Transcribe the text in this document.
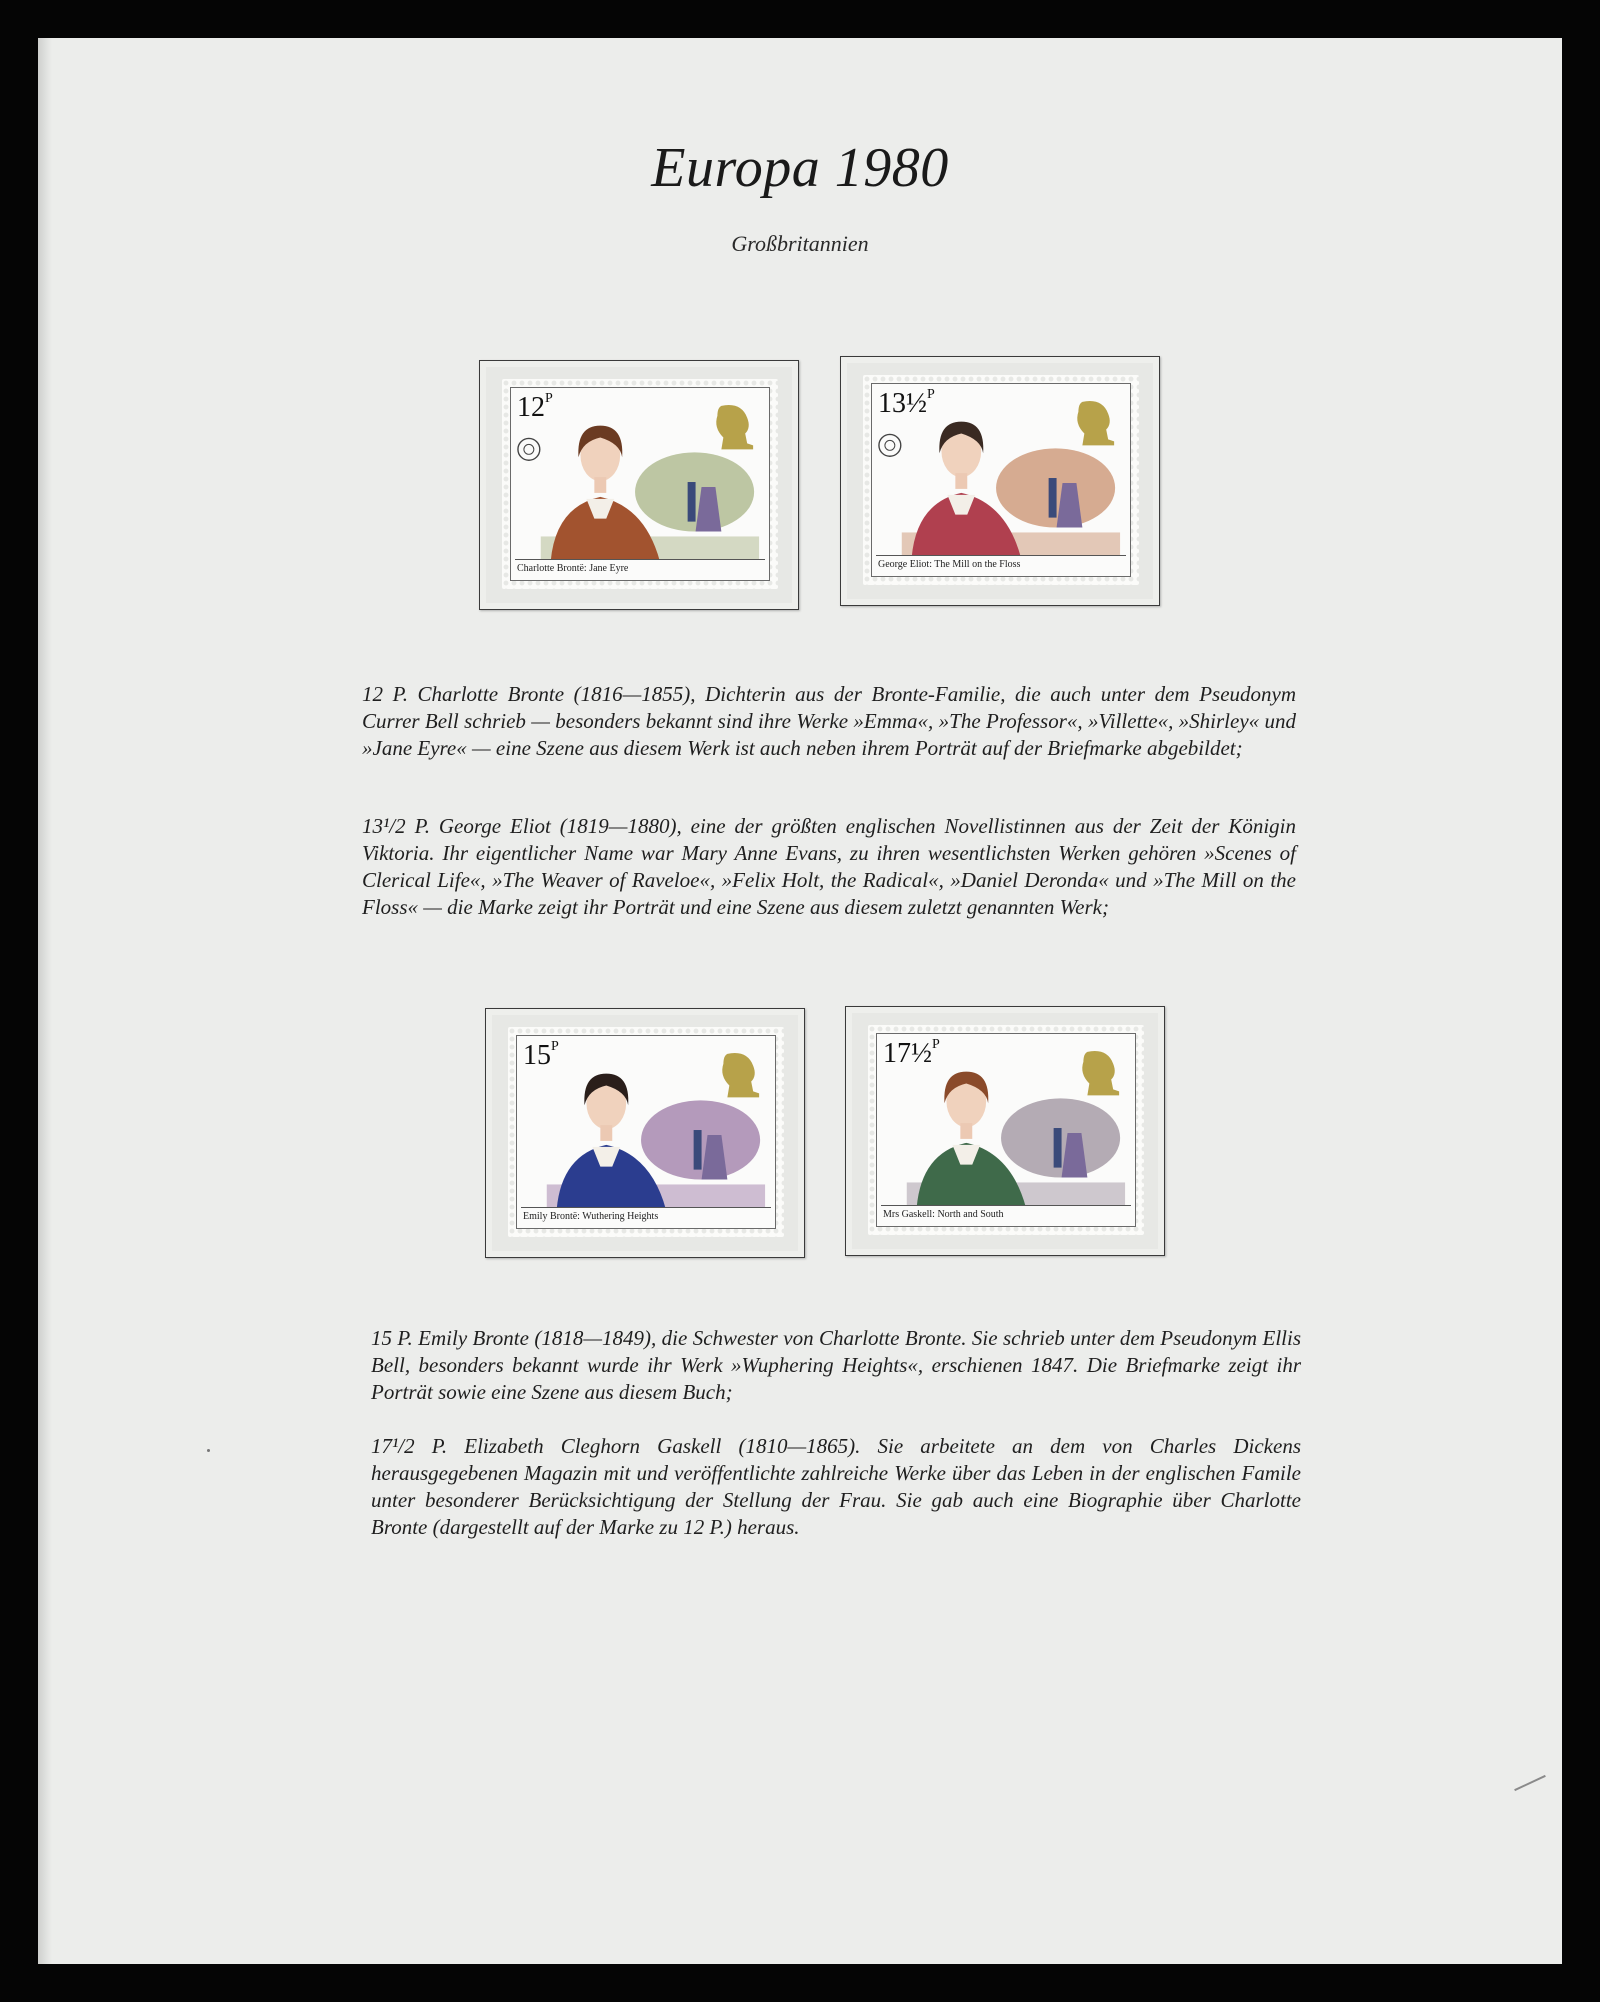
Europa 1980
Großbritannien
$12^P$
Charlotte Brontë: Jane Eyre
13½$^P$
George Eliot: The Mill on the Floss
$15^P$
Emily Brontë: Wuthering Heights
17½$^P$
Mrs Gaskell: North and South

12 P. Charlotte Bronte (1816—1855), Dichterin aus der Bronte-Familie, die auch unter dem Pseudonym Currer Bell schrieb — besonders bekannt sind ihre Werke »Emma«, »The Professor«, »Villette«, »Shirley« und »Jane Eyre« — eine Szene aus diesem Werk ist auch neben ihrem Porträt auf der Briefmarke abgebildet;

13¹/2 P. George Eliot (1819—1880), eine der größten englischen Novellistinnen aus der Zeit der Königin Viktoria. Ihr eigentlicher Name war Mary Anne Evans, zu ihren wesentlichsten Werken gehören »Scenes of Clerical Life«, »The Weaver of Raveloe«, »Felix Holt, the Radical«, »Daniel Deronda« und »The Mill on the Floss« — die Marke zeigt ihr Porträt und eine Szene aus diesem zuletzt genannten Werk;

15 P. Emily Bronte (1818—1849), die Schwester von Charlotte Bronte. Sie schrieb unter dem Pseudonym Ellis Bell, besonders bekannt wurde ihr Werk »Wuphering Heights«, erschienen 1847. Die Briefmarke zeigt ihr Porträt sowie eine Szene aus diesem Buch;

17¹/2 P. Elizabeth Cleghorn Gaskell (1810—1865). Sie arbeitete an dem von Charles Dickens herausgegebenen Magazin mit und veröffentlichte zahlreiche Werke über das Leben in der englischen Famile unter besonderer Berücksichtigung der Stellung der Frau. Sie gab auch eine Biographie über Charlotte Bronte (dargestellt auf der Marke zu 12 P.) heraus.
